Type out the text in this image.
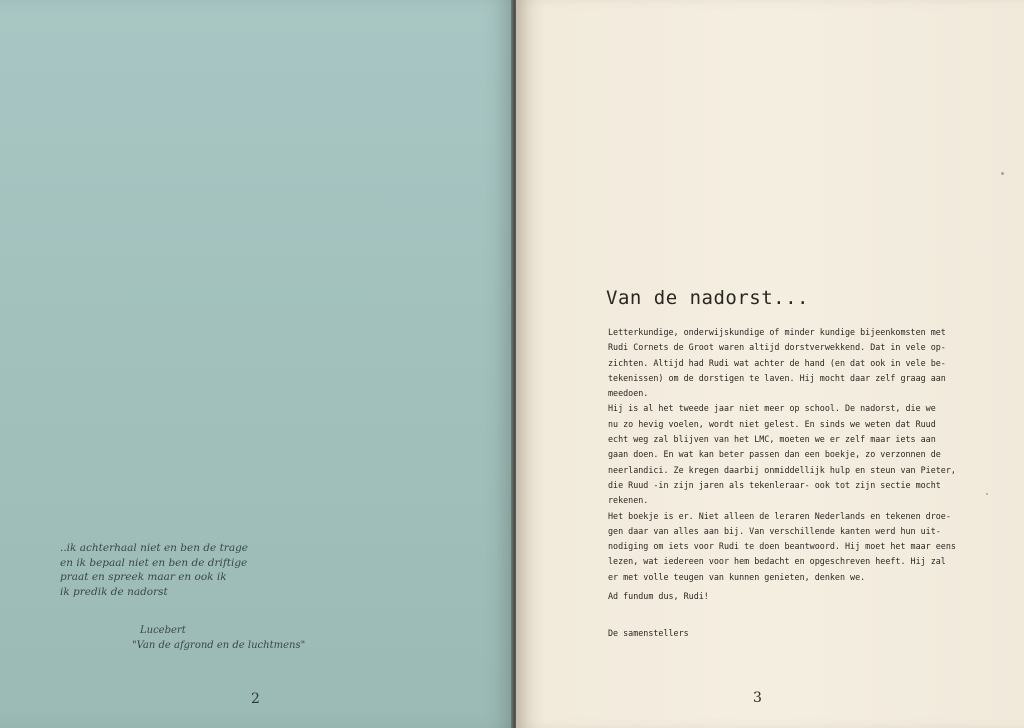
..ik achterhaal niet en ben de trage
en ik bepaal niet en ben de driftige
praat en spreek maar en ook ik
ik predik de nadorst
Lucebert
"Van de afgrond en de luchtmens"
2
Van de nadorst...
Letterkundige, onderwijskundige of minder kundige bijeenkomsten met
Rudi Cornets de Groot waren altijd dorstverwekkend. Dat in vele op-
zichten. Altijd had Rudi wat achter de hand (en dat ook in vele be-
tekenissen) om de dorstigen te laven. Hij mocht daar zelf graag aan
meedoen.
Hij is al het tweede jaar niet meer op school. De nadorst, die we
nu zo hevig voelen, wordt niet gelest. En sinds we weten dat Ruud
echt weg zal blijven van het LMC, moeten we er zelf maar iets aan
gaan doen. En wat kan beter passen dan een boekje, zo verzonnen de
neerlandici. Ze kregen daarbij onmiddellijk hulp en steun van Pieter,
die Ruud -in zijn jaren als tekenleraar- ook tot zijn sectie mocht
rekenen.
Het boekje is er. Niet alleen de leraren Nederlands en tekenen droe-
gen daar van alles aan bij. Van verschillende kanten werd hun uit-
nodiging om iets voor Rudi te doen beantwoord. Hij moet het maar eens
lezen, wat iedereen voor hem bedacht en opgeschreven heeft. Hij zal
er met volle teugen van kunnen genieten, denken we.
Ad fundum dus, Rudi!
De samenstellers
3
